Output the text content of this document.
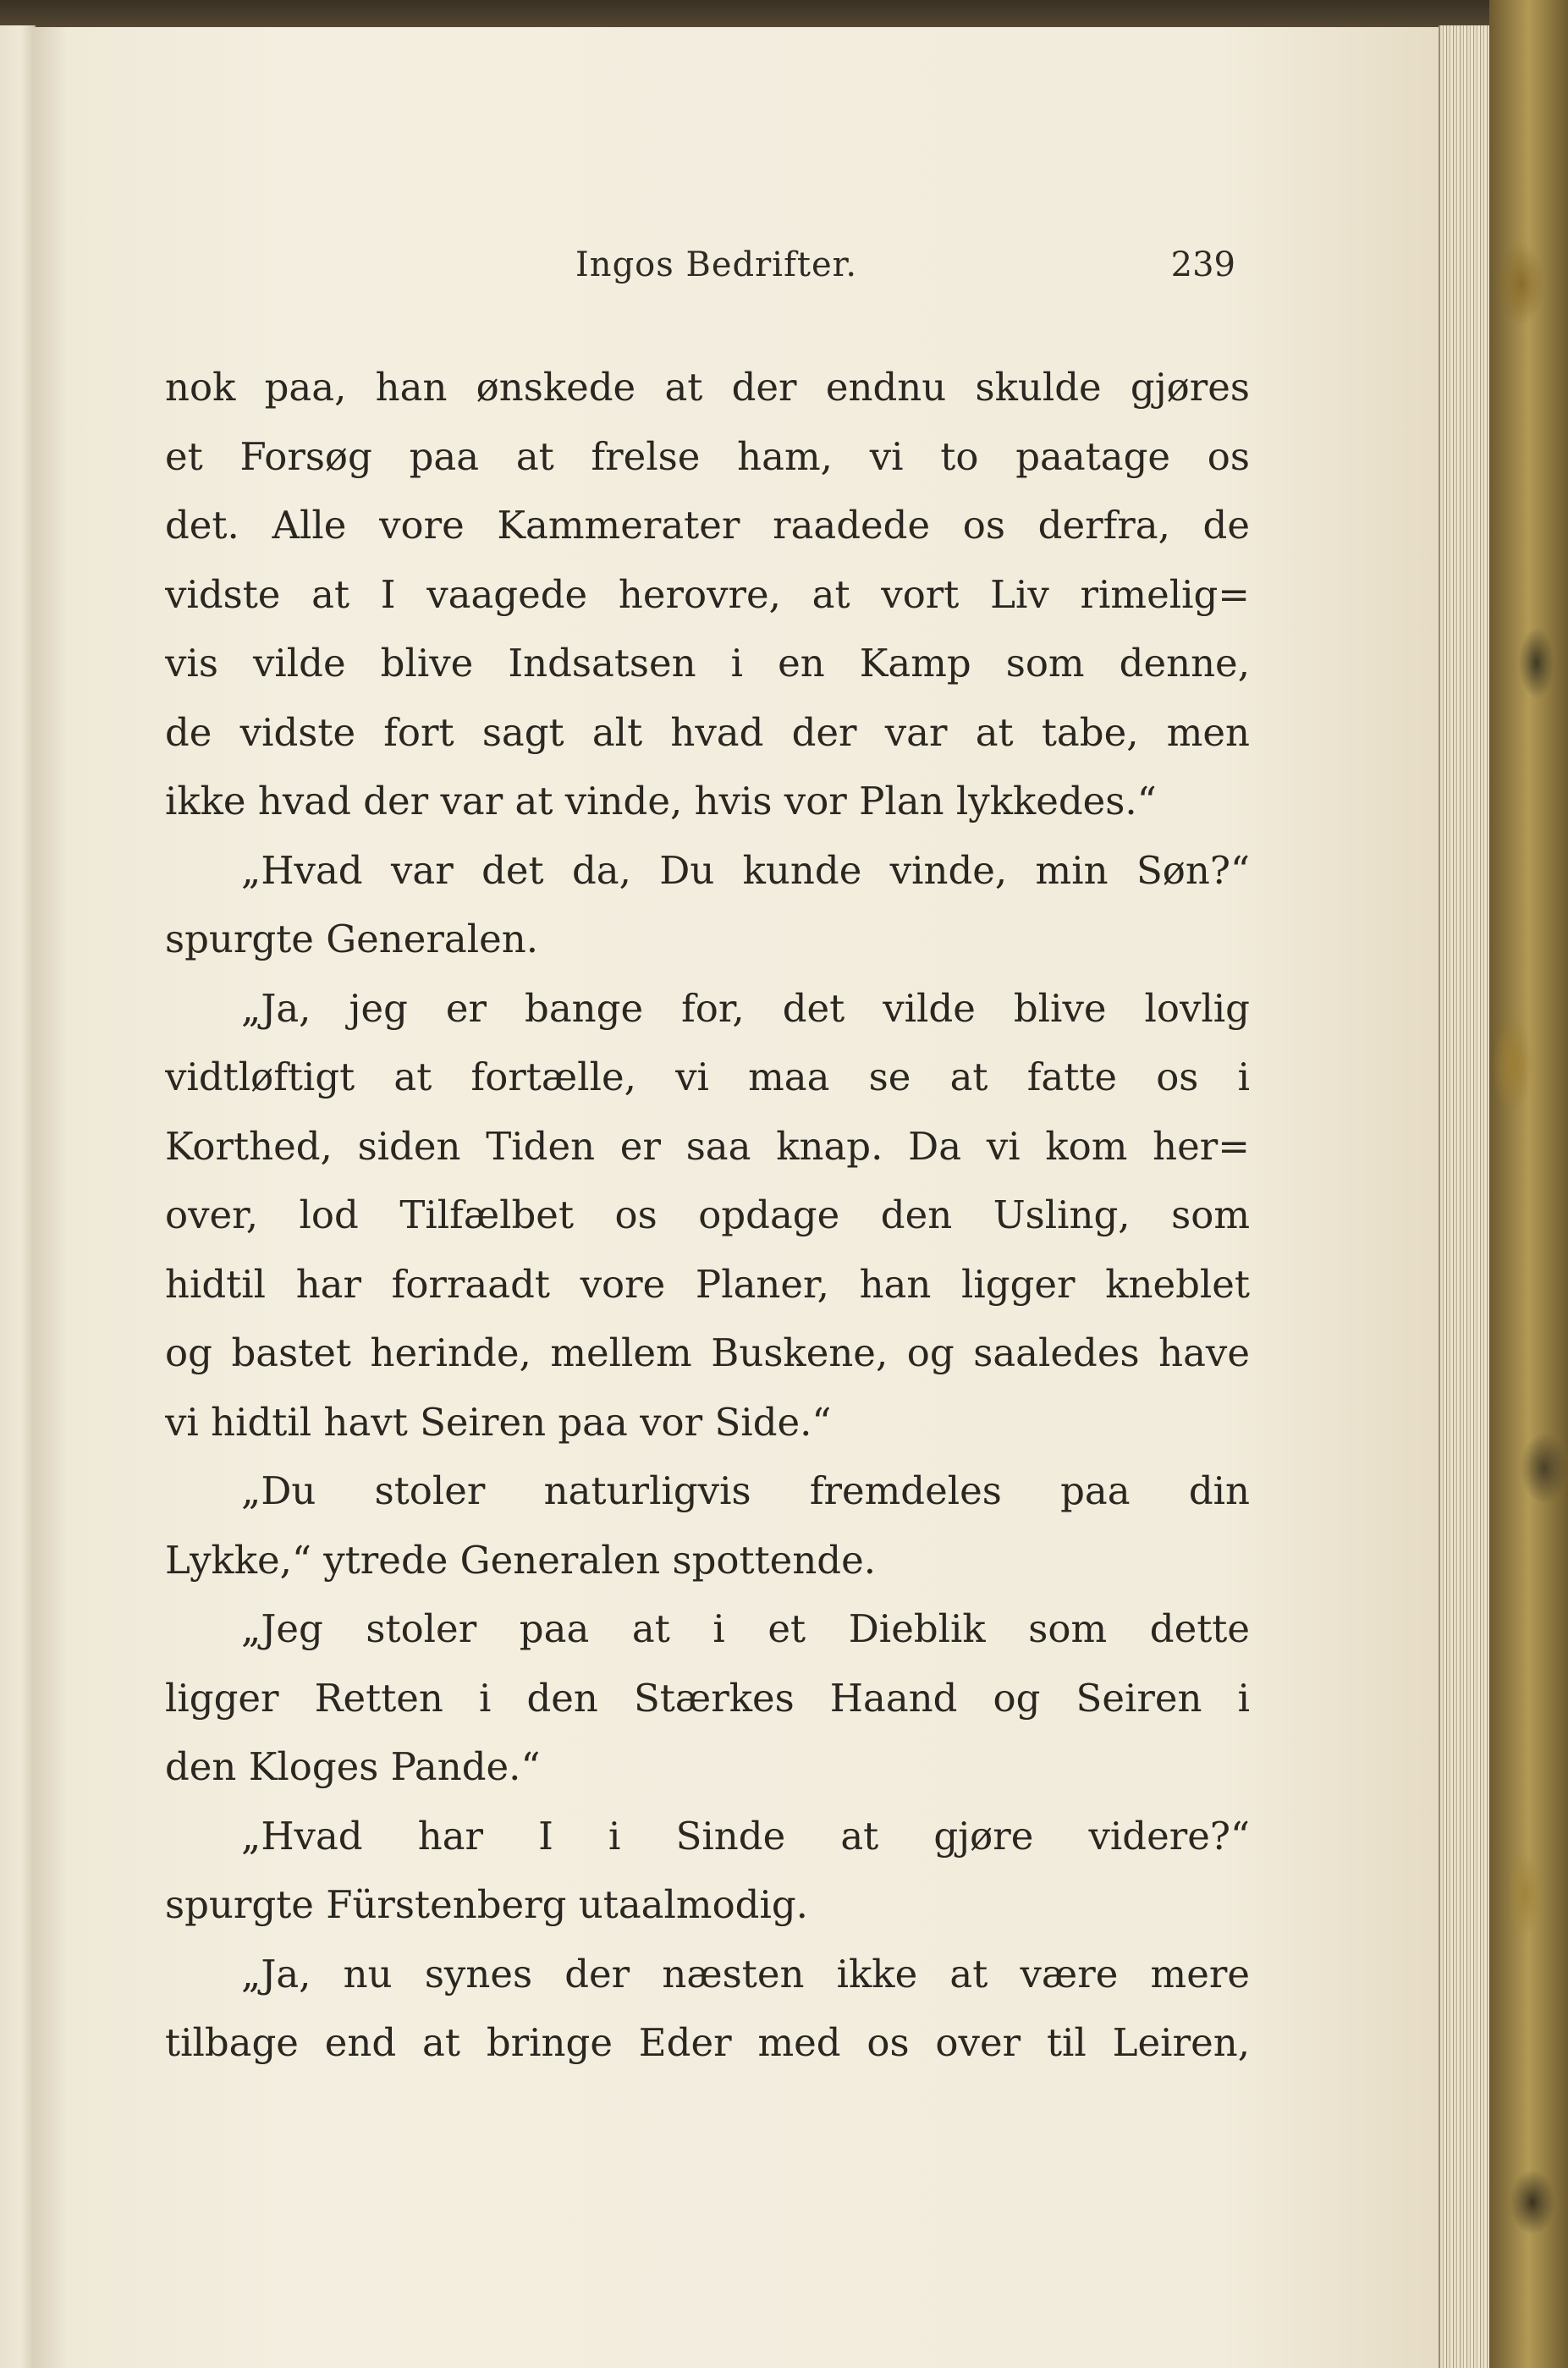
Ingos Bedrifter.	239
nok paa, han ønskede at der endnu skulde gjøres
et Forsøg paa at frelse ham, vi to paatage os
det. Alle vore Kammerater raadede os derfra, de
vidste at I vaagede herovre, at vort Liv rimelig=
vis vilde blive Indsatsen i en Kamp som denne,
de vidste fort sagt alt hvad der var at tabe, men
ikke hvad der var at vinde, hvis vor Plan lykkedes.“
„Hvad var det da, Du kunde vinde, min Søn?“
spurgte Generalen.
„Ja, jeg er bange for, det vilde blive lovlig
vidtløftigt at fortælle, vi maa se at fatte os i
Korthed, siden Tiden er saa knap. Da vi kom her=
over, lod Tilfælbet os opdage den Usling, som
hidtil har forraadt vore Planer, han ligger kneblet
og bastet herinde, mellem Buskene, og saaledes have
vi hidtil havt Seiren paa vor Side.“
„Du stoler naturligvis fremdeles paa din
Lykke,“ ytrede Generalen spottende.
„Jeg stoler paa at i et Dieblik som dette
ligger Retten i den Stærkes Haand og Seiren i
den Kloges Pande.“
„Hvad har I i Sinde at gjøre videre?“
spurgte Fürstenberg utaalmodig.
„Ja, nu synes der næsten ikke at være mere
tilbage end at bringe Eder med os over til Leiren,
